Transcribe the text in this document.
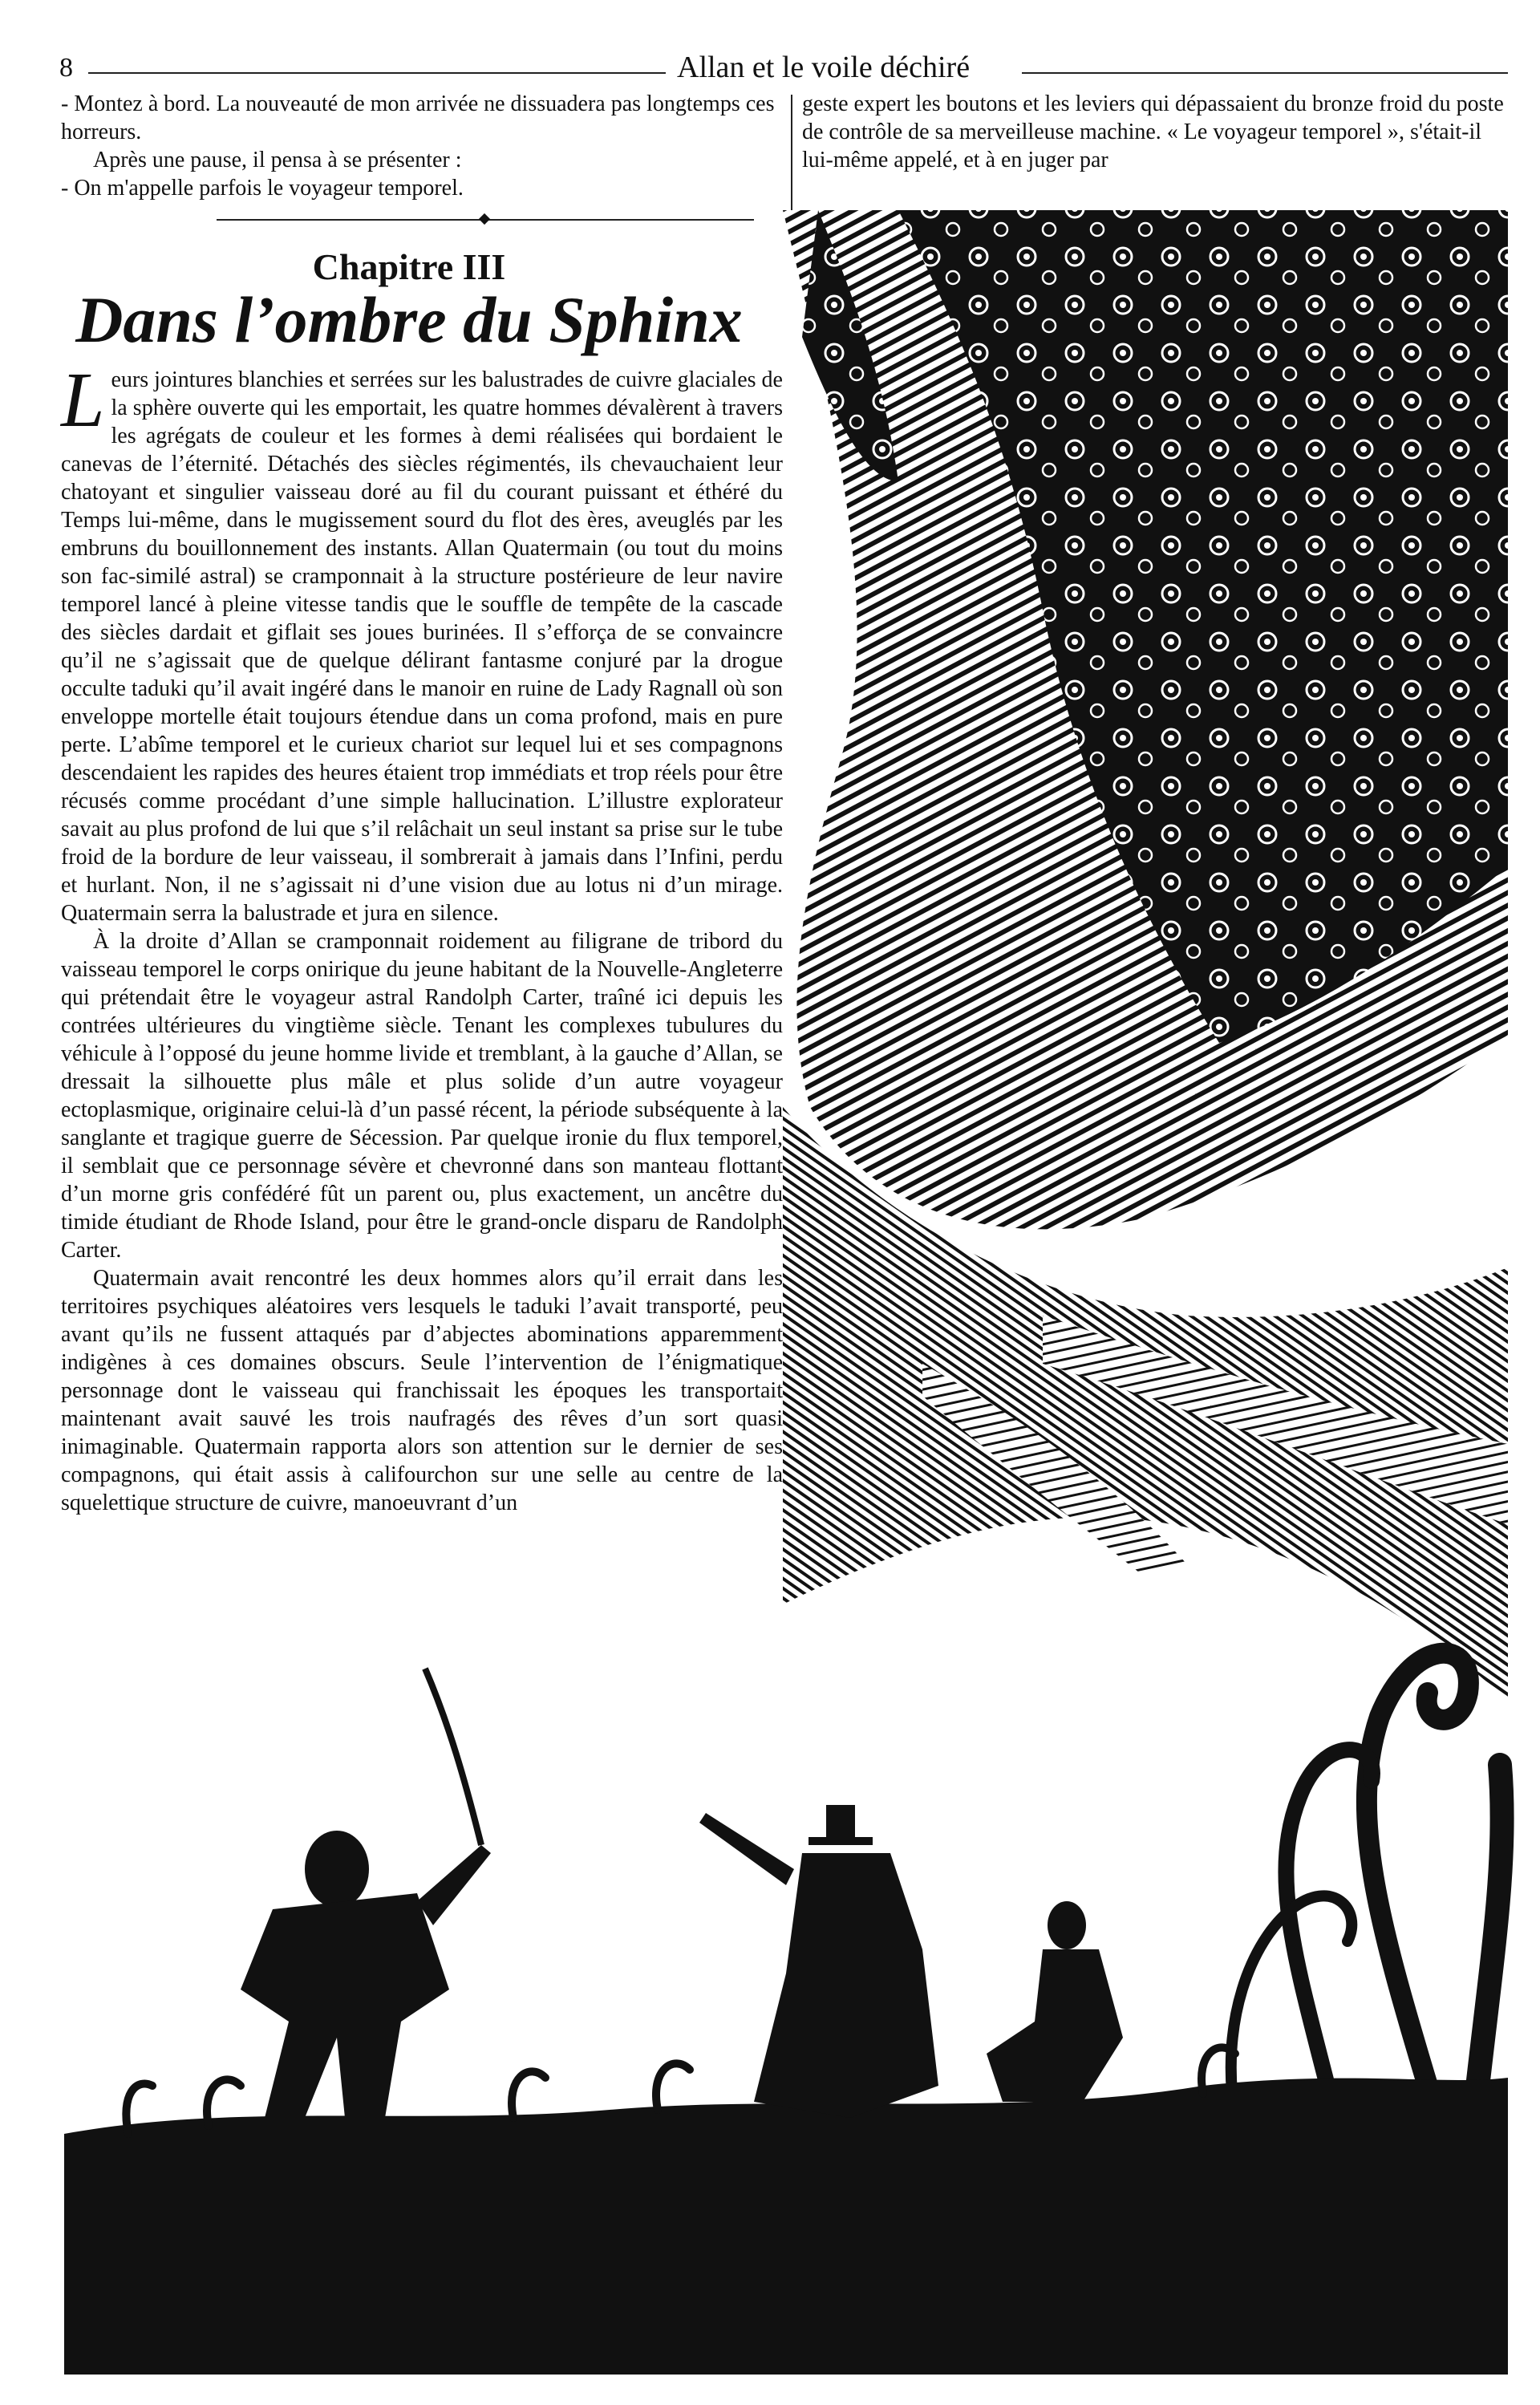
8	Allan et le voile déchiré

- Montez à bord. La nouveauté de mon arrivée ne dissuadera pas longtemps ces horreurs.

Après une pause, il pensa à se présenter :

- On m'appelle parfois le voyageur temporel.

geste expert les boutons et les leviers qui dépassaient du bronze froid du poste de contrôle de sa merveilleuse machine. « Le voyageur temporel », s'était-il lui-même appelé, et à en juger par

Chapitre III
Dans l’ombre du Sphinx

Leurs jointures blanchies et serrées sur les balustrades de cuivre glaciales de la sphère ouverte qui les emportait, les quatre hommes dévalèrent à travers les agrégats de couleur et les formes à demi réalisées qui bordaient le canevas de l’éternité. Détachés des siècles régimentés, ils chevauchaient leur chatoyant et singulier vaisseau doré au fil du courant puissant et éthéré du Temps lui-même, dans le mugissement sourd du flot des ères, aveuglés par les embruns du bouillonnement des instants. Allan Quatermain (ou tout du moins son fac-similé astral) se cramponnait à la structure postérieure de leur navire temporel lancé à pleine vitesse tandis que le souffle de tempête de la cascade des siècles dardait et giflait ses joues burinées. Il s’efforça de se convaincre qu’il ne s’agissait que de quelque délirant fantasme conjuré par la drogue occulte taduki qu’il avait ingéré dans le manoir en ruine de Lady Ragnall où son enveloppe mortelle était toujours étendue dans un coma profond, mais en pure perte. L’abîme temporel et le curieux chariot sur lequel lui et ses compagnons descendaient les rapides des heures étaient trop immédiats et trop réels pour être récusés comme procédant d’une simple hallucination. L’illustre explorateur savait au plus profond de lui que s’il relâchait un seul instant sa prise sur le tube froid de la bordure de leur vaisseau, il sombrerait à jamais dans l’Infini, perdu et hurlant. Non, il ne s’agissait ni d’une vision due au lotus ni d’un mirage. Quatermain serra la balustrade et jura en silence.

À la droite d’Allan se cramponnait roidement au filigrane de tribord du vaisseau temporel le corps onirique du jeune habitant de la Nouvelle-Angleterre qui prétendait être le voyageur astral Randolph Carter, traîné ici depuis les contrées ultérieures du vingtième siècle. Tenant les complexes tubulures du véhicule à l’opposé du jeune homme livide et tremblant, à la gauche d’Allan, se dressait la silhouette plus mâle et plus solide d’un autre voyageur ectoplasmique, originaire celui-là d’un passé récent, la période subséquente à la sanglante et tragique guerre de Sécession. Par quelque ironie du flux temporel, il semblait que ce personnage sévère et chevronné dans son manteau flottant d’un morne gris confédéré fût un parent ou, plus exactement, un ancêtre du timide étudiant de Rhode Island, pour être le grand-oncle disparu de Randolph Carter.

Quatermain avait rencontré les deux hommes alors qu’il errait dans les territoires psychiques aléatoires vers lesquels le taduki l’avait transporté, peu avant qu’ils ne fussent attaqués par d’abjectes abominations apparemment indigènes à ces domaines obscurs. Seule l’intervention de l’énigmatique personnage dont le vaisseau qui franchissait les époques les transportait maintenant avait sauvé les trois naufragés des rêves d’un sort quasi inimaginable. Quatermain rapporta alors son attention sur le dernier de ses compagnons, qui était assis à califourchon sur une selle au centre de la squelettique structure de cuivre, manoeuvrant d’un
